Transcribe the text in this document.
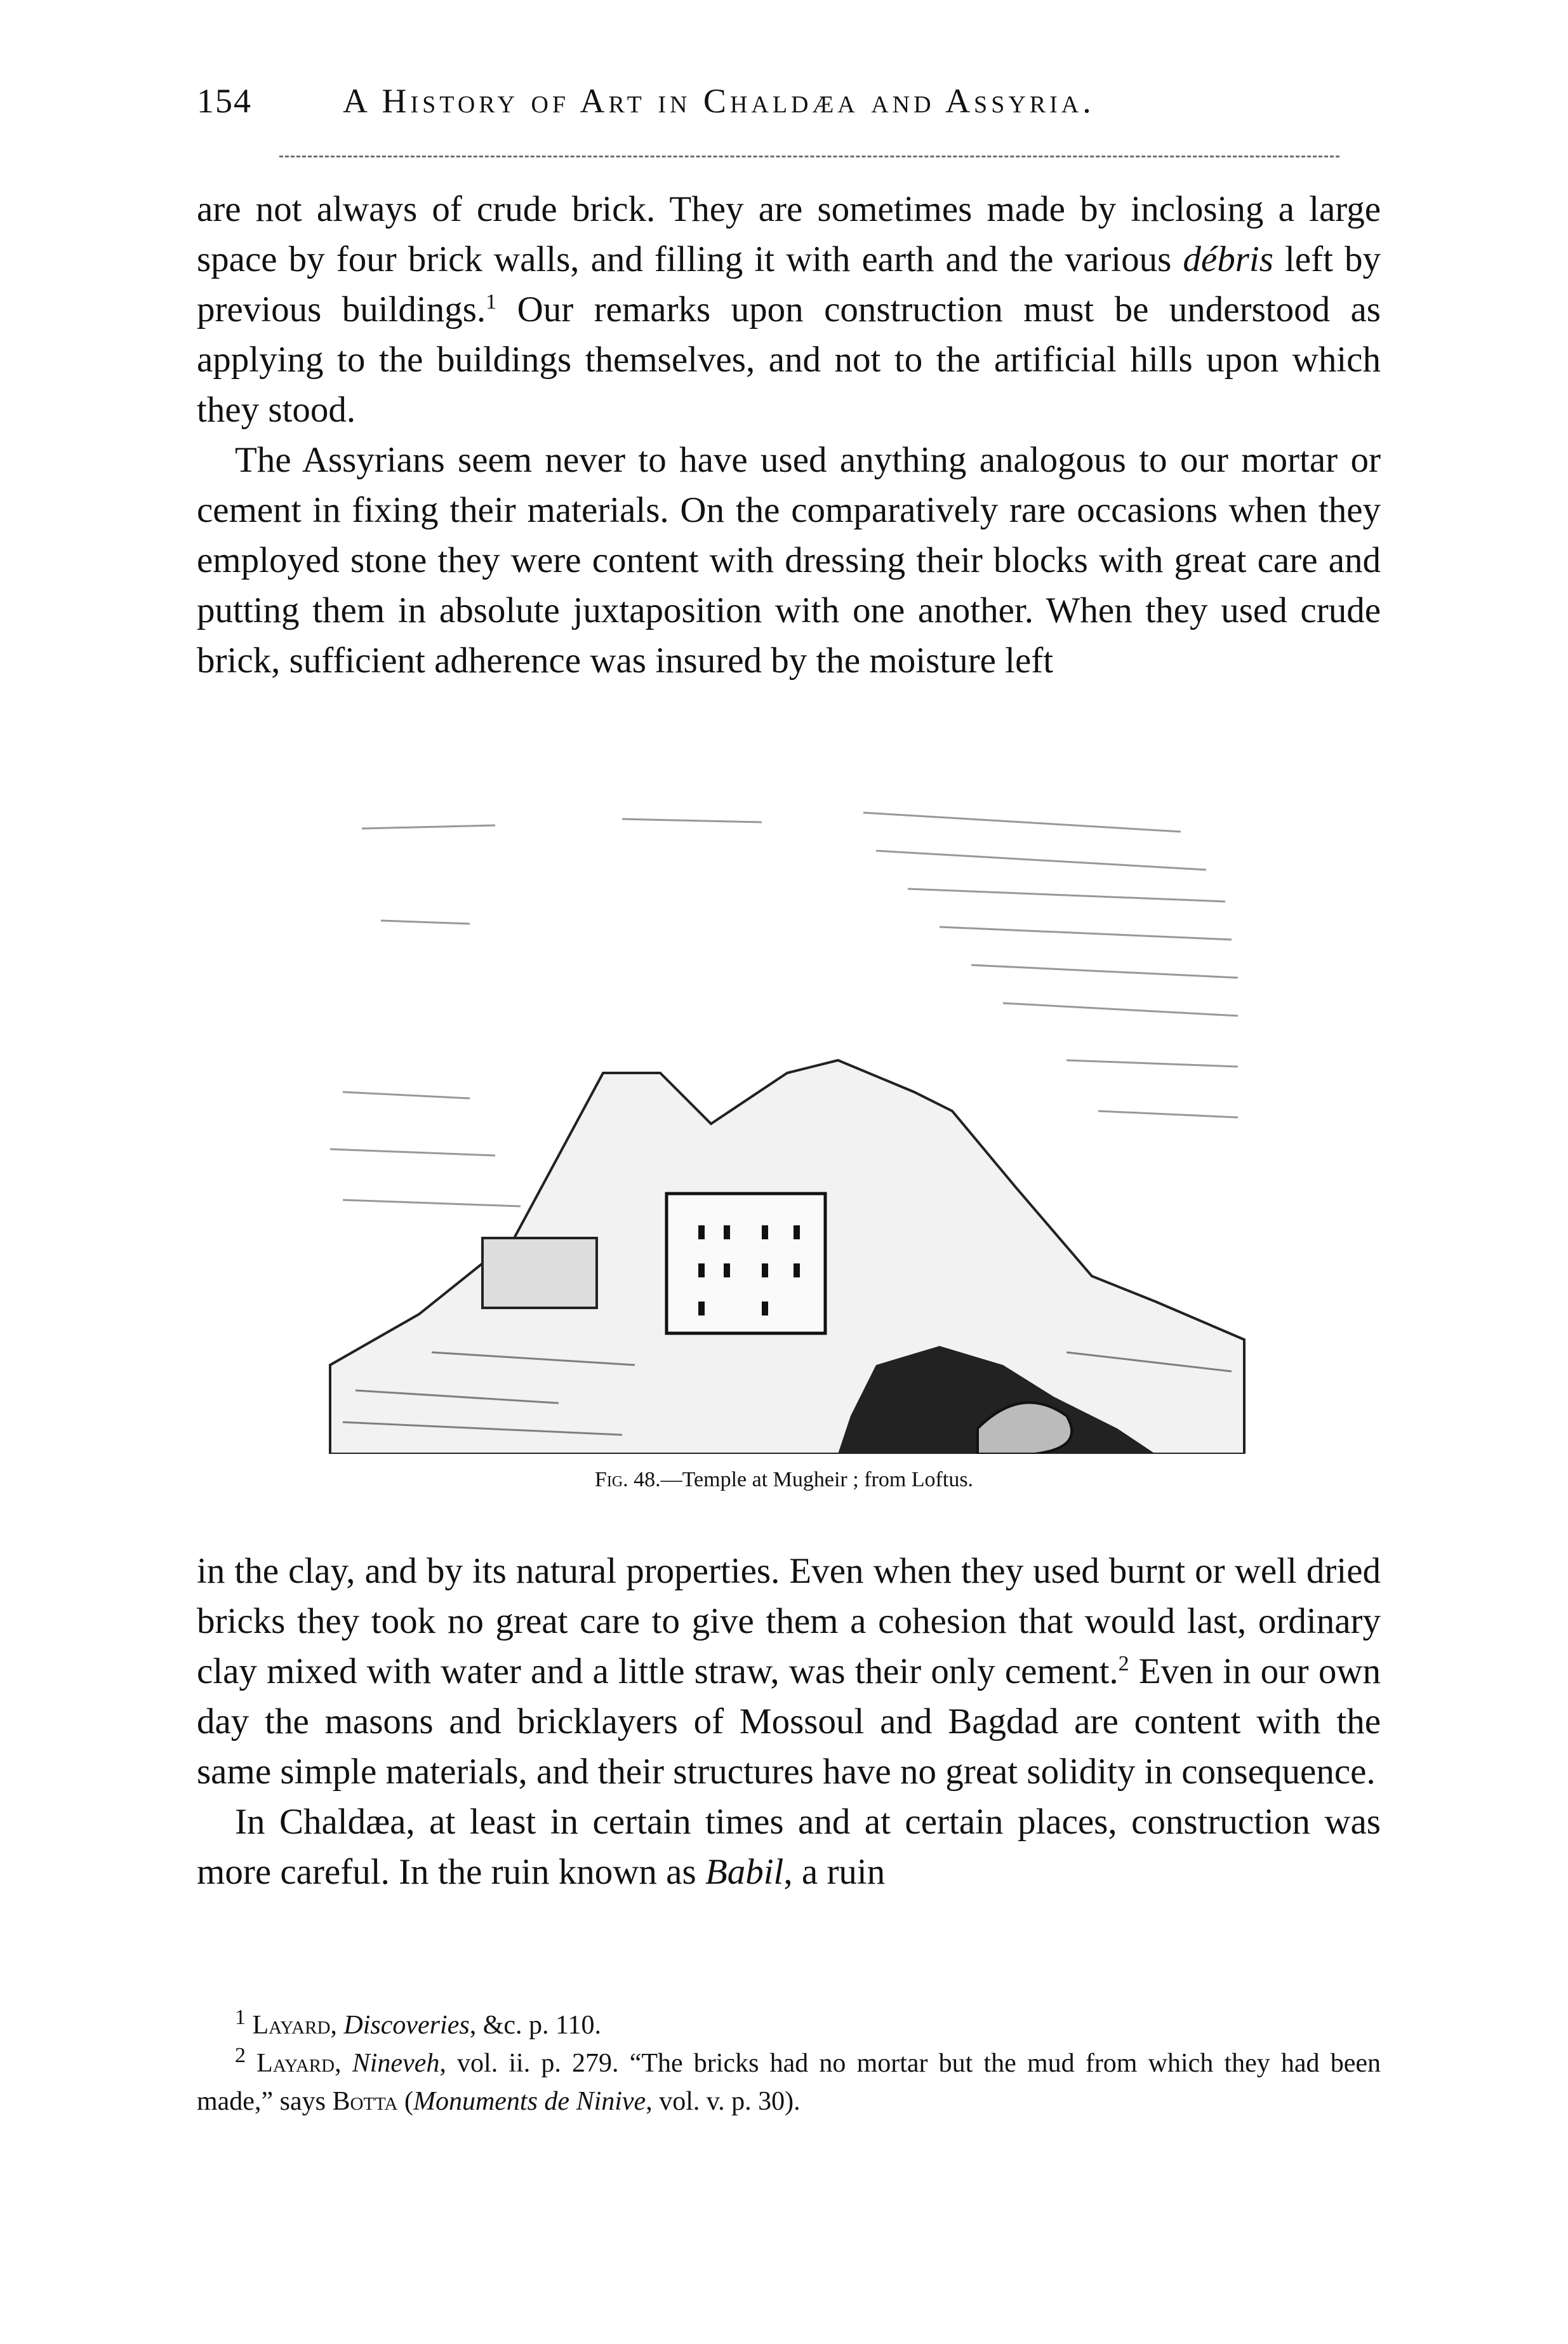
154	A History of Art in Chaldæa and Assyria.

are not always of crude brick. They are sometimes made by inclosing a large space by four brick walls, and filling it with earth and the various débris left by previous buildings.$^1$ Our remarks upon construction must be understood as applying to the buildings themselves, and not to the artificial hills upon which they stood.

The Assyrians seem never to have used anything analogous to our mortar or cement in fixing their materials. On the comparatively rare occasions when they employed stone they were content with dressing their blocks with great care and putting them in absolute juxtaposition with one another. When they used crude brick, sufficient adherence was insured by the moisture left

Fig. 48.—Temple at Mugheir ; from Loftus.

in the clay, and by its natural properties. Even when they used burnt or well dried bricks they took no great care to give them a cohesion that would last, ordinary clay mixed with water and a little straw, was their only cement.$^2$ Even in our own day the masons and bricklayers of Mossoul and Bagdad are content with the same simple materials, and their structures have no great solidity in consequence.

In Chaldæa, at least in certain times and at certain places, construction was more careful. In the ruin known as Babil, a ruin

$^1$ Layard, Discoveries, &c. p. 110.

$^2$ Layard, Nineveh, vol. ii. p. 279. “The bricks had no mortar but the mud from which they had been made,” says Botta (Monuments de Ninive, vol. v. p. 30).
